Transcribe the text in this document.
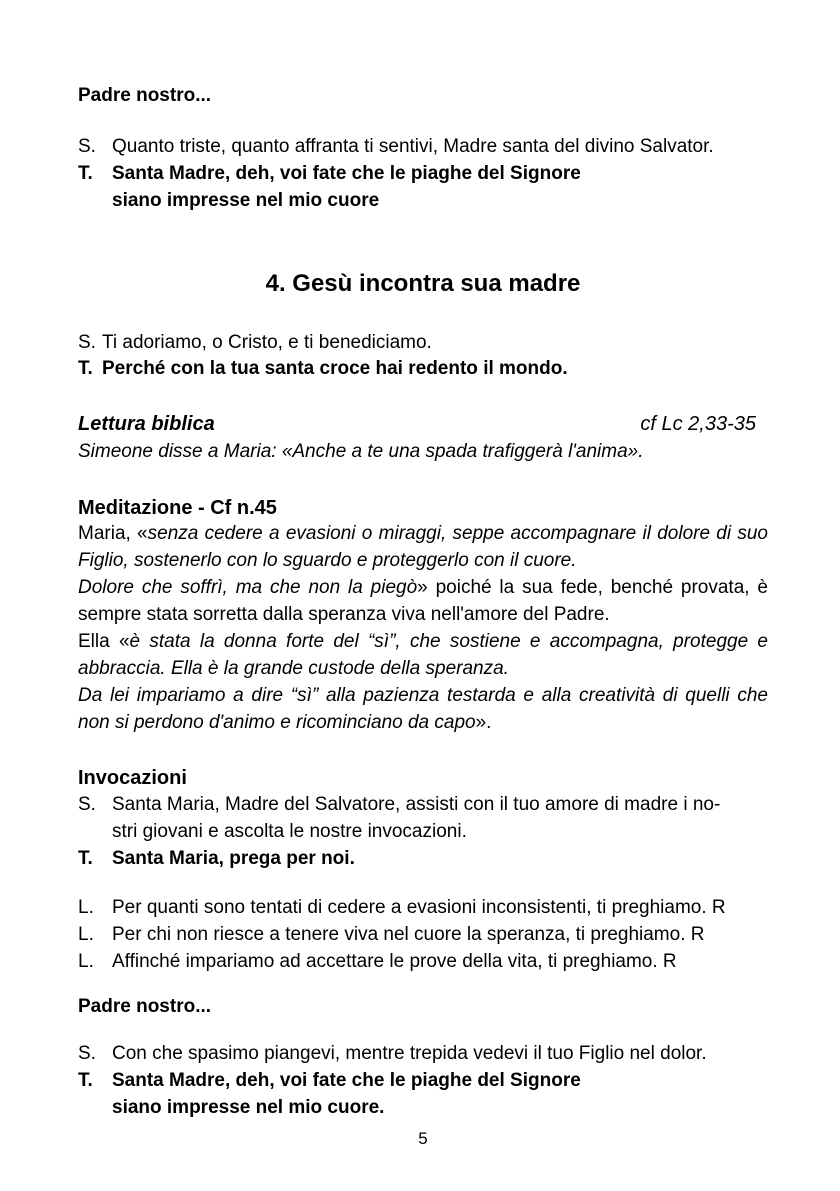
Padre nostro...
S. Quanto triste, quanto affranta ti sentivi, Madre santa del divino Salvator.
T. Santa Madre, deh, voi fate che le piaghe del Signore
siano impresse nel mio cuore
4. Gesù incontra sua madre
S. Ti adoriamo, o Cristo, e ti benediciamo.
T. Perché con la tua santa croce hai redento il mondo.
Lettura biblica	cf Lc 2,33-35
Simeone disse a Maria: «Anche a te una spada trafiggerà l'anima».
Meditazione - Cf n.45

Maria, «senza cedere a evasioni o miraggi, seppe accompagnare il dolore di suo Figlio, sostenerlo con lo sguardo e proteggerlo con il cuore.

Dolore che soffrì, ma che non la piegò» poiché la sua fede, benché provata, è sempre stata sorretta dalla speranza viva nell'amore del Padre.

Ella «è stata la donna forte del “sì”, che sostiene e accompagna, protegge e abbraccia. Ella è la grande custode della speranza.

Da lei impariamo a dire “sì” alla pazienza testarda e alla creatività di quelli che non si perdono d'animo e ricominciano da capo».

Invocazioni
S. Santa Maria, Madre del Salvatore, assisti con il tuo amore di madre i no-
stri giovani e ascolta le nostre invocazioni.
T. Santa Maria, prega per noi.
L. Per quanti sono tentati di cedere a evasioni inconsistenti, ti preghiamo. R
L. Per chi non riesce a tenere viva nel cuore la speranza, ti preghiamo. R
L. Affinché impariamo ad accettare le prove della vita, ti preghiamo. R
Padre nostro...
S. Con che spasimo piangevi, mentre trepida vedevi il tuo Figlio nel dolor.
T. Santa Madre, deh, voi fate che le piaghe del Signore
siano impresse nel mio cuore.
5
